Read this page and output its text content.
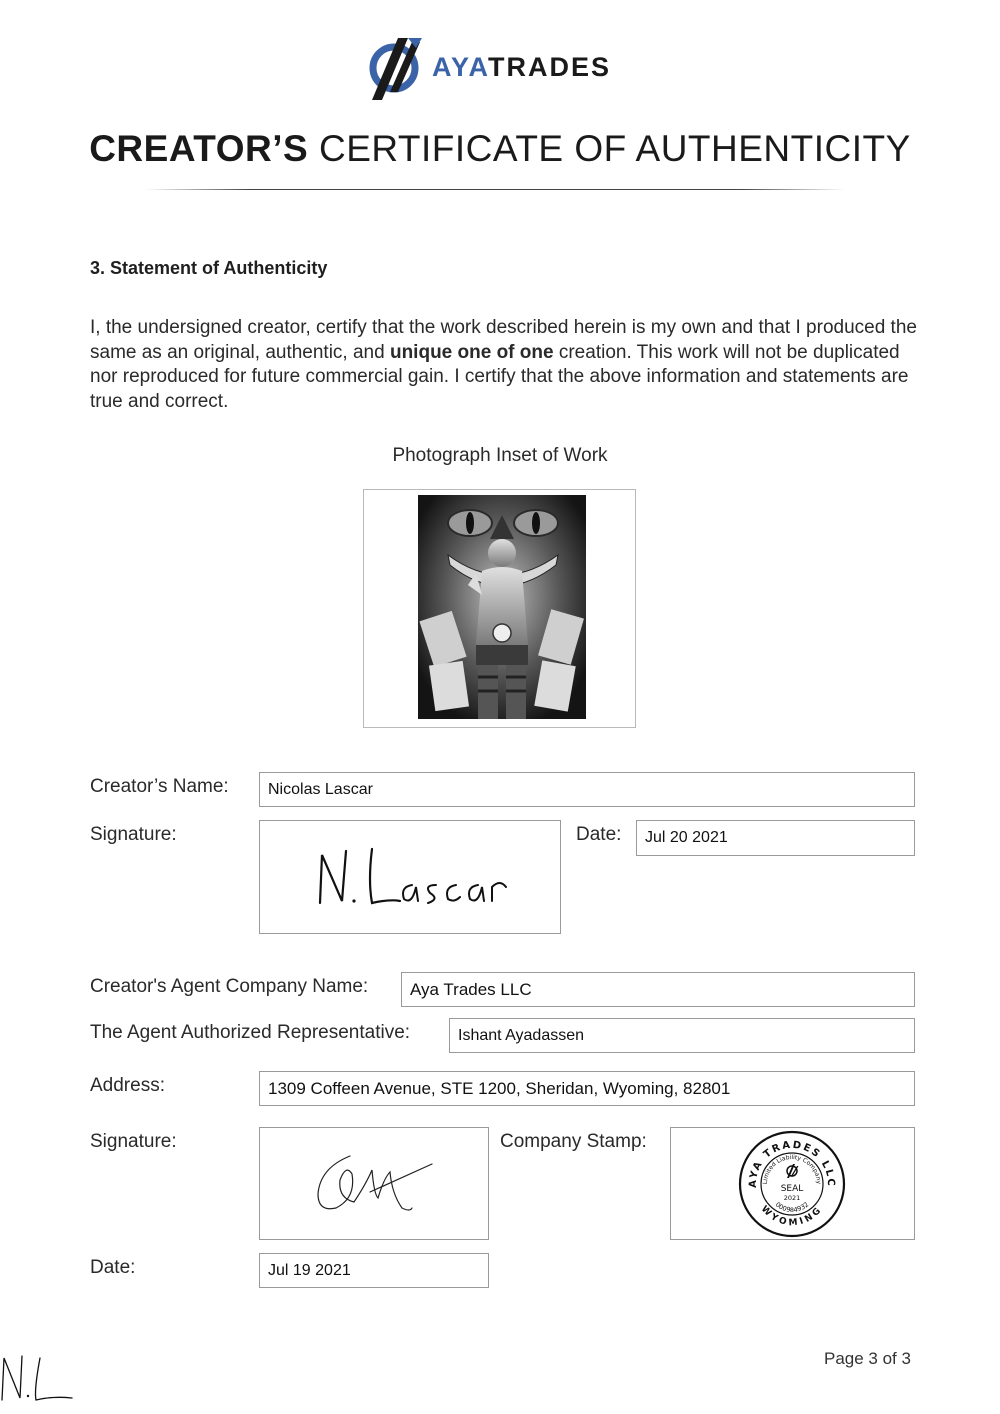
AYATRADES
CREATOR’S CERTIFICATE OF AUTHENTICITY
3. Statement of Authenticity
I, the undersigned creator, certify that the work described herein is my own and that I produced the same as an original, authentic, and unique one of one creation. This work will not be duplicated nor reproduced for future commercial gain. I certify that the above information and statements are true and correct.
Photograph Inset of Work
Creator’s Name:	Nicolas Lascar
Signature:	Date:	Jul 20 2021
Creator's Agent Company Name:	Aya Trades LLC
The Agent Authorized Representative:	Ishant Ayadassen
Address:	1309 Coffeen Avenue, STE 1200, Sheridan, Wyoming, 82801
Signature:	Company Stamp:
AYA TRADES LLC
Limited Liability Company
WYOMING
000984932
SEAL
2021
Date:	Jul 19 2021
Page 3 of 3
